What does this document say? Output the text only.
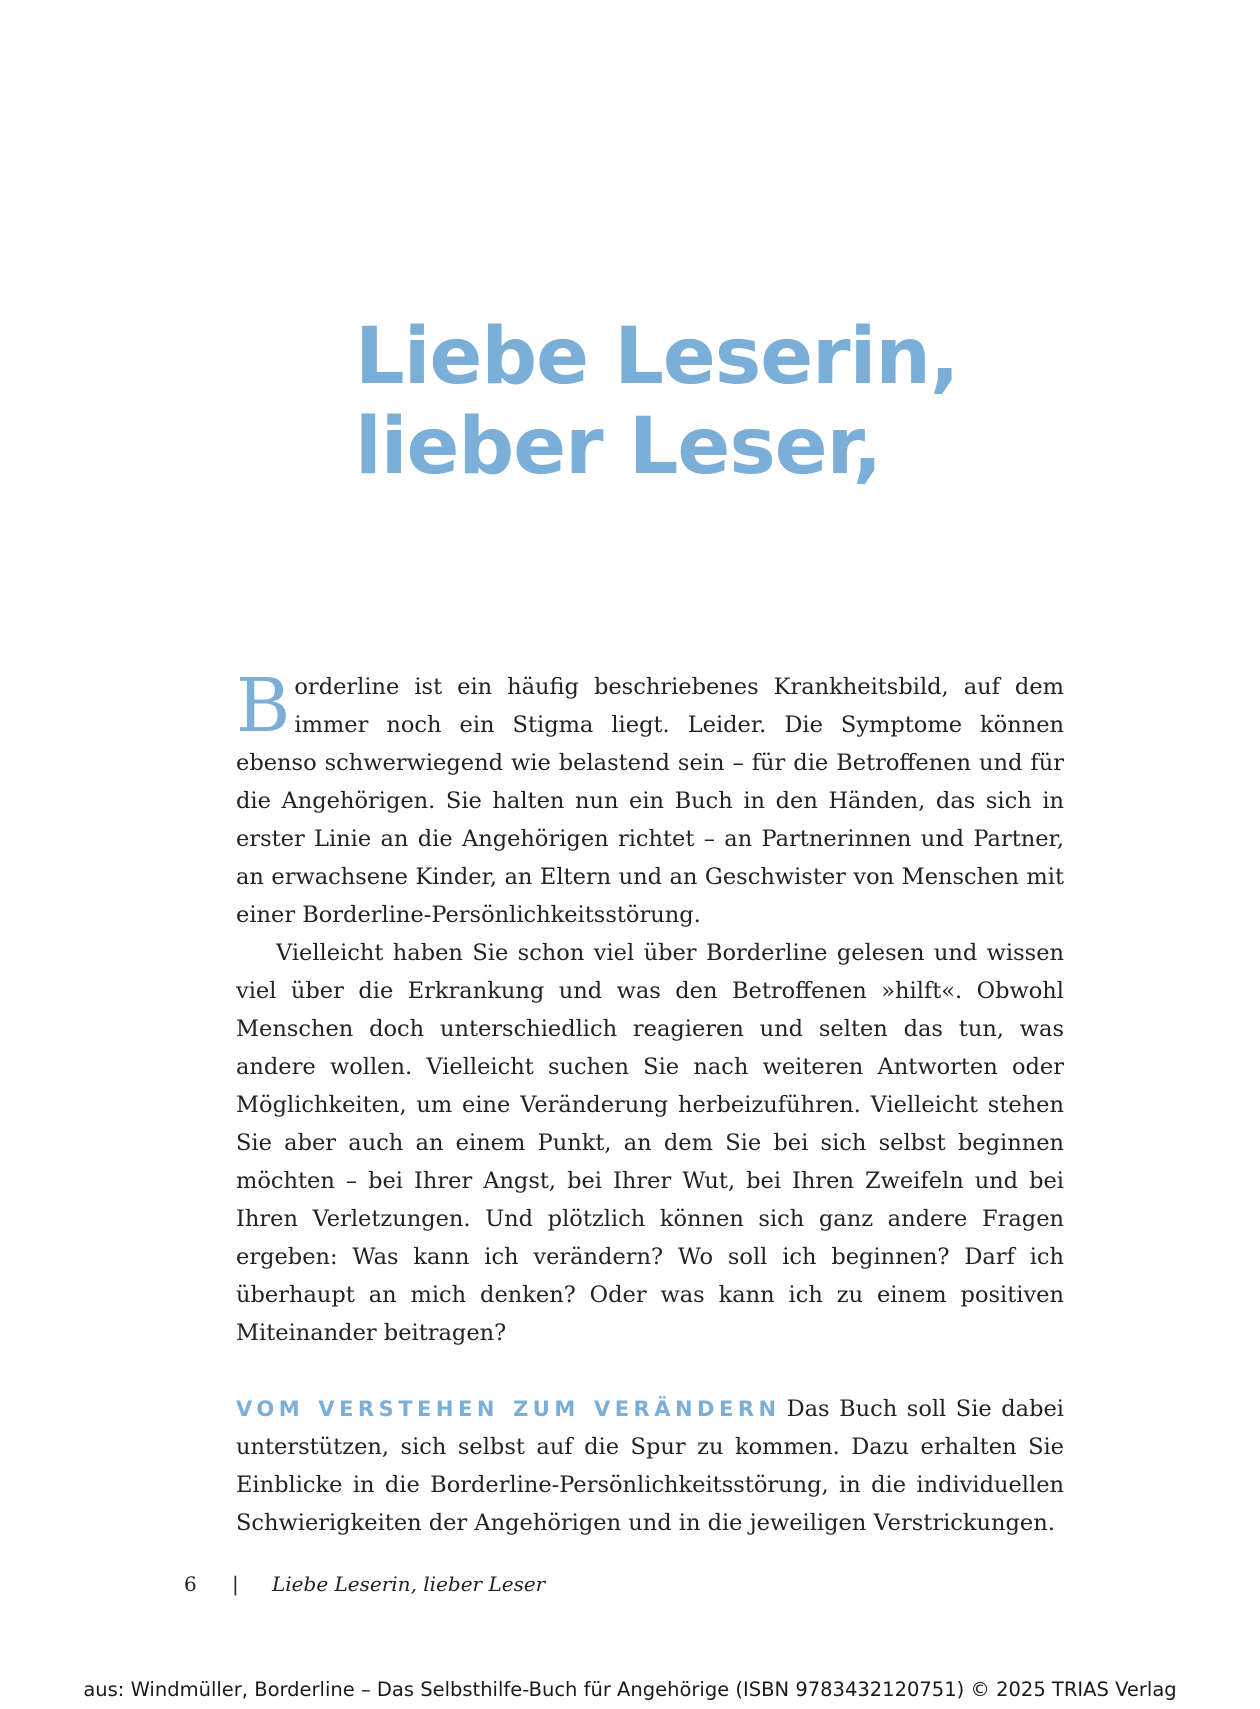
Liebe Leserin,
lieber Leser,

Borderline ist ein häufig beschriebenes Krankheitsbild, auf dem immer noch ein Stigma liegt. Leider. Die Symptome können ebenso schwerwiegend wie belastend sein – für die Betroffenen und für die Angehörigen. Sie halten nun ein Buch in den Händen, das sich in erster Linie an die Angehörigen richtet – an Partnerinnen und Partner, an erwachsene Kinder, an Eltern und an Geschwister von Menschen mit einer Borderline-Persönlichkeitsstörung.

Vielleicht haben Sie schon viel über Borderline gelesen und wissen viel über die Erkrankung und was den Betroffenen »hilft«. Obwohl Menschen doch unterschiedlich reagieren und selten das tun, was andere wollen. Vielleicht suchen Sie nach weiteren Antworten oder Möglichkeiten, um eine Veränderung herbeizuführen. Vielleicht stehen Sie aber auch an einem Punkt, an dem Sie bei sich selbst beginnen möchten – bei Ihrer Angst, bei Ihrer Wut, bei Ihren Zweifeln und bei Ihren Verletzungen. Und plötzlich können sich ganz andere Fragen ergeben: Was kann ich verändern? Wo soll ich beginnen? Darf ich überhaupt an mich denken? Oder was kann ich zu einem positiven Miteinander beitragen?

VOM VERSTEHEN ZUM VERÄNDERN Das Buch soll Sie dabei unterstützen, sich selbst auf die Spur zu kommen. Dazu erhalten Sie Einblicke in die Borderline-Persönlichkeitsstörung, in die individuellen Schwierigkeiten der Angehörigen und in die jeweiligen Verstrickungen.

6 | Liebe Leserin, lieber Leser
aus: Windmüller, Borderline – Das Selbsthilfe-Buch für Angehörige (ISBN 9783432120751) © 2025 TRIAS Verlag
